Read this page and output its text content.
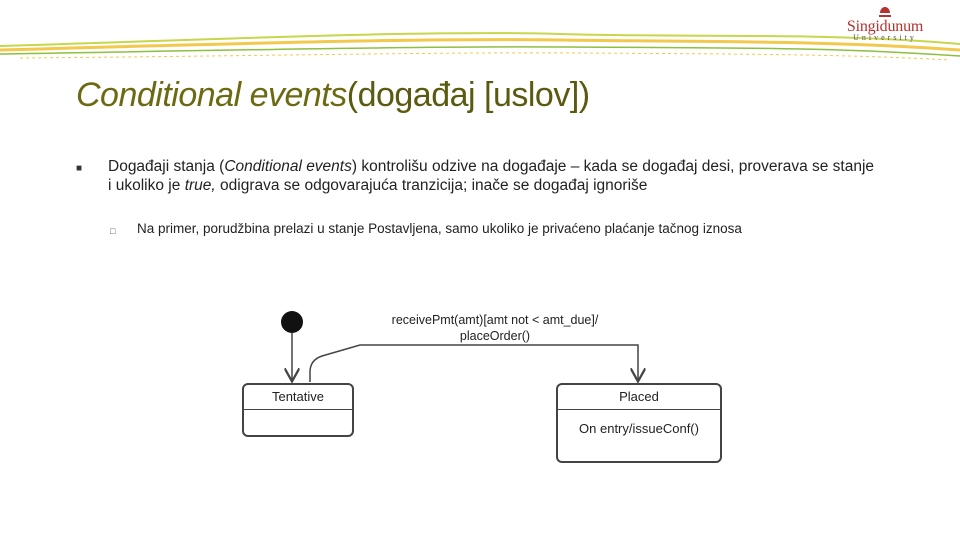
Singidunum
University
Conditional events(događaj [uslov])
■ Događaji stanja (Conditional events) kontrolišu odzive na događaje – kada se događaj desi, proverava se stanje i ukoliko je true, odigrava se odgovarajuća tranzicija; inače se događaj ignoriše
□ Na primer, porudžbina prelazi u stanje Postavljena, samo ukoliko je privaćeno plaćanje tačnog iznosa
receivePmt(amt)[amt not < amt_due]/
placeOrder()
Tentative	Placed
On entry/issueConf()
